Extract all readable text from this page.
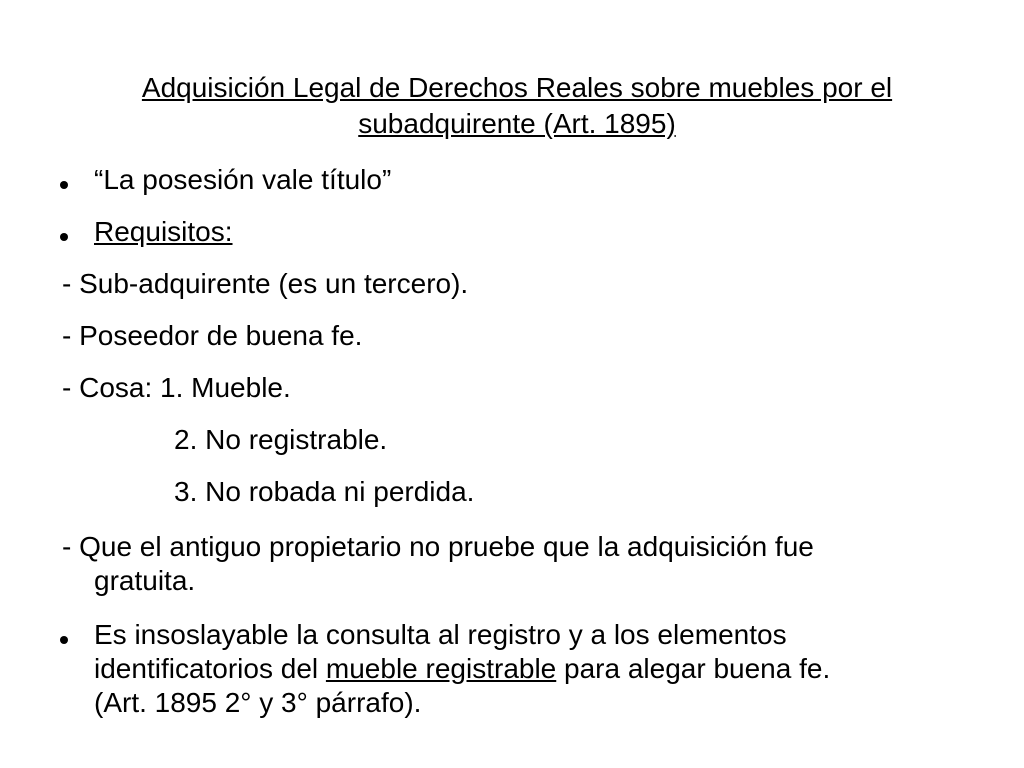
Adquisición Legal de Derechos Reales sobre muebles por el
subadquirente (Art. 1895)
“La posesión vale título”
Requisitos:
- Sub-adquirente (es un tercero).
- Poseedor de buena fe.
- Cosa: 1. Mueble.
2. No registrable.
3. No robada ni perdida.
- Que el antiguo propietario no pruebe que la adquisición fue
gratuita.
Es insoslayable la consulta al registro y a los elementos
identificatorios del mueble registrable para alegar buena fe.
(Art. 1895 2° y 3° párrafo).
